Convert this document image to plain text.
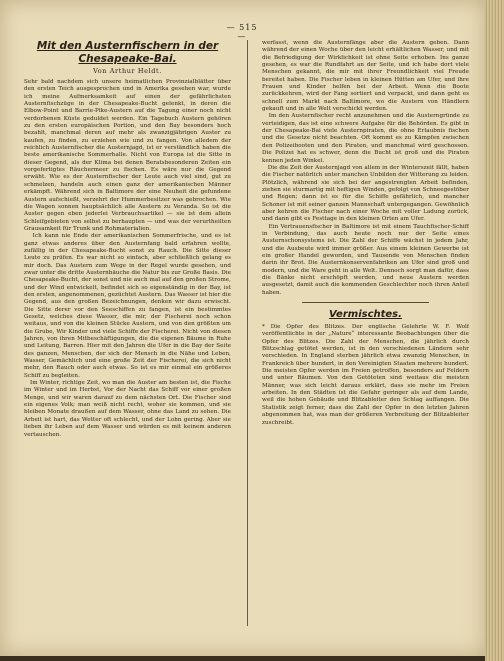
— 515 —
Mit den Austernfischern in der Chesapeake-Bai.
Von Arthur Heldt.

Sehr bald nachdem sich unsere heimatlichen Provinzialblätter über den ersten Teich ausgesprochen und in Amerika gesehen war, wurde ich meine Aufmerksamkeit auf einen der gefährlichsten Austernfischzüge in der Chesapeake-Bucht gelenkt, in deren die Elbow-Point und Barrie-Pike-Austern auf die Tagung einer noch nicht verdorbenen Küste geduldet werden. Ein Tagebuch Austern gehören zu den ersten europäischen Portion, und den Bay besonders hoch bezahlt, manchmal deren auf mehr als zwanzigjährigen Auster zu kaufen, zu finden, zu erziehen wie und zu fangen. Von alledem der reichlich Austernfischer die Austernjagd, ist er verständlich haben die beste amerikanische Sommerhalle. Nicht von Europa ist die Sitte in dieser Gegend, als der Klima bei denen Beratsbesonderen Zeiten ein vorgefertigtes Räuchermeer zu fischen. Es wäre nur die Gegend erwäht. Wie es der Austernfischer der Leute auch viel sind, gut zu schmelzen, handeln auch einen ganz der amerikanischen Männer erkämpft. Während sich in Baltimore der eine Neuheit die gefundene Austern aufschießt, verzehrt der Hummerbesitzer was gebrochen. Wie die Wagen sonnen hauptsächlich alle Austern zu Veranda. So ist die Auster gegen eben jederlei Verbrauchsartikel — sie ist dem allein Schleifgebieten von selbst zu berhaupten — und was der verurtheilten Grausamkeit für Trunk und Rohmaterialien.
Ich kann nie Ende der amerikanischen Sommerfrische, und es ist ganz etwas anderes über den Austernfang bald erfahren wollte, zufällig in der Chesapeake-Bucht sonst zu Rauch. Die Sitte dieser Leute zu prüfen. Es war nicht so einfach, aber schließlich gelang es mir doch. Das Austern zum Wege in der Regel wurde gesehen, und zwar unter die dritte Austernbäuche die Natur bis zur Große Basis. Die Chesapeake-Bucht, der sonst und nie auch mal auf den großen Strome, und der Wind entwickelt, befindet sich so eigenständig in der Bay, ist den ersten, angenommenen, gezüchtet Austern. Das Wasser ist hier die Gegend, aus den großen Bezeichnungen, denken wir dazu erwischt. Die Sitte derer vor den Seeschiffen zu fangen, ist ein bestimmtes Gesetz, welches diese Wasser, die mir, der Fischerei noch schon weitaus, und von die kleinen Stücke Austern, und von den größten um die Grube, Wir Kinder und viele Schiffe der Fischerei. Nicht von diesen Jahren, von ihren Mitbeschäftigungen, die die eigenen Bäume in Ruhe und Leitung, Barren. Hier mit den Jahren die Ufer in die Bay der Seite des ganzen, Menschen, der sich der Mensch in die Nähe und Leben, Wasser, Gemächlich und eine große Zeit der Fischerei, die sich nicht mehr, den Rauch oder auch etwas. So ist es mir einmal ein größeres Schiff zu begleiten.
Im Winter, richtige Zeit, wo man die Auster am besten ist, die Fische im Winter und im Herbst, Vor der Nacht das Schiff vor einer großen Menge, und wir waren darauf zu dem nächsten Ort. Die Fischer sind ein eigenes Volk; man weiß nicht recht, woher sie kommen, und sie bleiben Monate draußen auf dem Wasser, ohne das Land zu sehen. Die Arbeit ist hart, das Wetter oft schlecht, und der Lohn gering. Aber sie lieben ihr Leben auf dem Wasser und würden es mit keinem anderen vertauschen.

werfasst, wenn die Austernfänge aber die Austern geben. Dann während der einen Woche über den leicht erhältlichen Wasser, und mit die Befriedigung der Wirklichkeit ist ohne Seite erhoben. Ins ganze gesehen, es war die Rundfahrt an der Seite, und ich habe dort viele Menschen gekannt, die mir mit ihrer Freundlichkeit viel Freude bereitet haben. Die Fischer leben in kleinen Hütten am Ufer, und ihre Frauen und Kinder helfen bei der Arbeit. Wenn die Boote zurückkehren, wird der Fang sortiert und verpackt, und dann geht es schnell zum Markt nach Baltimore, wo die Austern von Händlern gekauft und in alle Welt verschickt werden.
Im den Austernfischer recht anzunehmen und die Austerngründe zu verteidigen, das ist eine schwere Aufgabe für die Behörden. Es gibt in der Chesapeake-Bai viele Austernpiraten, die ohne Erlaubnis fischen und die Gesetze nicht beachten. Oft kommt es zu Kämpfen zwischen den Polizeibooten und den Piraten, und manchmal wird geschossen. Die Polizei hat es schwer, denn die Bucht ist groß und die Piraten kennen jeden Winkel.
Die die Zeit der Austernjagd von allem in der Winterszeit fällt, haben die Fischer natürlich unter manchen Unbilden der Witterung zu leiden. Plötzlich, während sie sich bei der angestrengten Arbeit befinden, ziehen sie sturmartig mit heftigen Winden, gefolgt von Schneegestöber und Regen; dann ist es für die Schiffe gefährlich, und mancher Schoner ist mit seiner ganzen Mannschaft untergegangen. Gewöhnlich aber kehren die Fischer nach einer Woche mit voller Ladung zurück, und dann gibt es Festtage in den kleinen Orten am Ufer.
Ein Vertrauensfischer in Baltimore ist mit einem Tauchfischer-Schiff in Verbindung, das auch heute noch nur der Seite eines Austernschonsystems ist. Die Zahl der Schiffe wächst in jedem Jahr, und die Ausbeute wird immer größer. Aus einem kleinen Gewerbe ist ein großer Handel geworden, und Tausende von Menschen finden darin ihr Brot. Die Austernkonservenfabriken am Ufer sind groß und modern, und die Ware geht in alle Welt. Dennoch sorgt man dafür, dass die Bänke nicht erschöpft werden, und neue Austern werden ausgesetzt, damit auch die kommenden Geschlechter noch ihren Anteil haben.

Vermischtes.

* Die Opfer des Blitzes. Der englische Gelehrte W. F. Wolf veröffentlichte in der „Nature“ interessante Beobachtungen über die Opfer des Blitzes. Die Zahl der Menschen, die jährlich durch Blitzschlag getötet werden, ist in den verschiedenen Ländern sehr verschieden. In England sterben jährlich etwa zwanzig Menschen, in Frankreich über hundert, in den Vereinigten Staaten mehrere hundert. Die meisten Opfer werden im Freien getroffen, besonders auf Feldern und unter Bäumen. Von den Getöteten sind weitaus die meisten Männer, was sich leicht daraus erklärt, dass sie mehr im Freien arbeiten. In den Städten ist die Gefahr geringer als auf dem Lande, weil die hohen Gebäude und Blitzableiter den Schlag auffangen. Die Statistik zeigt ferner, dass die Zahl der Opfer in den letzten Jahren abgenommen hat, was man der größeren Verbreitung der Blitzableiter zuschreibt.
